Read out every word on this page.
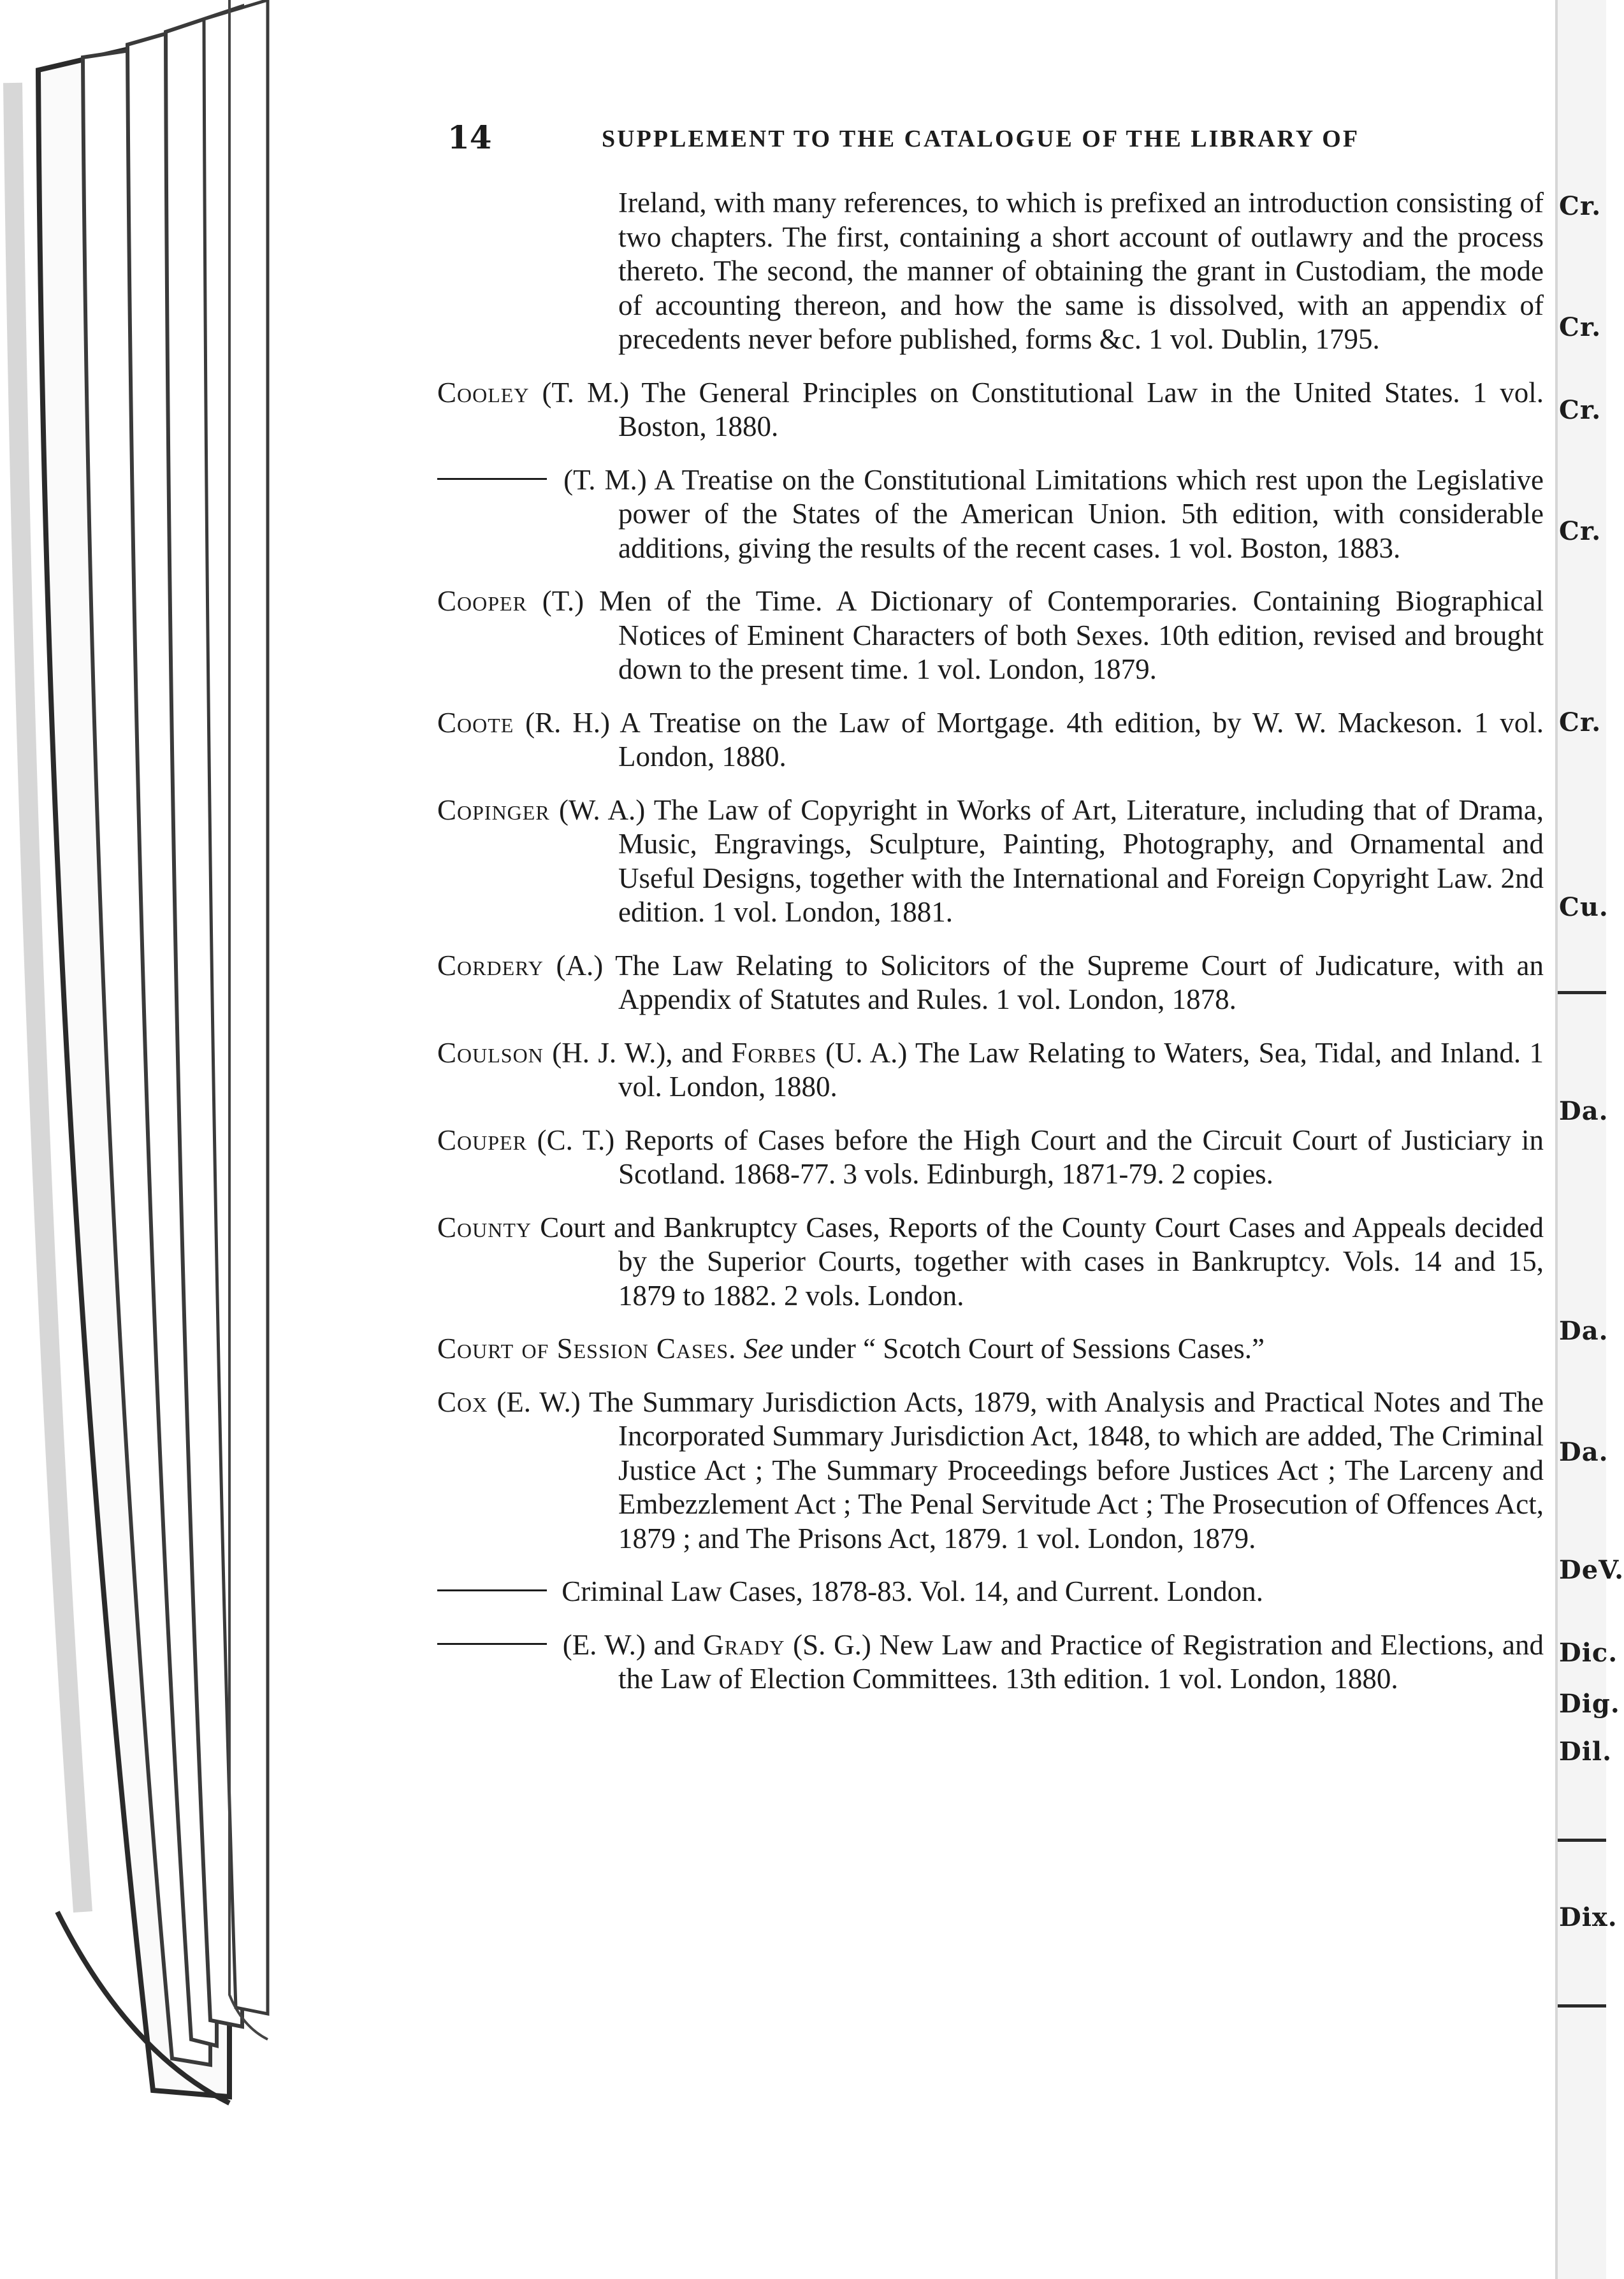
14	SUPPLEMENT TO THE CATALOGUE OF THE LIBRARY OF
Ireland, with many references, to which is prefixed an introduction consisting of two chapters. The first, containing a short account of outlawry and the process thereto. The second, the manner of obtaining the grant in Custodiam, the mode of accounting thereon, and how the same is dissolved, with an appendix of precedents never before published, forms &c. 1 vol. Dublin, 1795.
Cooley (T. M.) The General Principles on Constitutional Law in the United States. 1 vol. Boston, 1880.
(T. M.) A Treatise on the Constitutional Limitations which rest upon the Legislative power of the States of the American Union. 5th edition, with considerable additions, giving the results of the recent cases. 1 vol. Boston, 1883.
Cooper (T.) Men of the Time. A Dictionary of Contemporaries. Containing Biographical Notices of Eminent Characters of both Sexes. 10th edition, revised and brought down to the present time. 1 vol. London, 1879.
Coote (R. H.) A Treatise on the Law of Mortgage. 4th edition, by W. W. Mackeson. 1 vol. London, 1880.
Copinger (W. A.) The Law of Copyright in Works of Art, Literature, including that of Drama, Music, Engravings, Sculpture, Painting, Photography, and Ornamental and Useful Designs, together with the International and Foreign Copyright Law. 2nd edition. 1 vol. London, 1881.
Cordery (A.) The Law Relating to Solicitors of the Supreme Court of Judicature, with an Appendix of Statutes and Rules. 1 vol. London, 1878.
Coulson (H. J. W.), and Forbes (U. A.) The Law Relating to Waters, Sea, Tidal, and Inland. 1 vol. London, 1880.
Couper (C. T.) Reports of Cases before the High Court and the Circuit Court of Justiciary in Scotland. 1868-77. 3 vols. Edinburgh, 1871-79. 2 copies.
County Court and Bankruptcy Cases, Reports of the County Court Cases and Appeals decided by the Superior Courts, together with cases in Bankruptcy. Vols. 14 and 15, 1879 to 1882. 2 vols. London.
Court of Session Cases. See under “ Scotch Court of Sessions Cases.”
Cox (E. W.) The Summary Jurisdiction Acts, 1879, with Analysis and Practical Notes and The Incorporated Summary Jurisdiction Act, 1848, to which are added, The Criminal Justice Act ; The Summary Proceedings before Justices Act ; The Larceny and Embezzlement Act ; The Penal Servitude Act ; The Prosecution of Offences Act, 1879 ; and The Prisons Act, 1879. 1 vol. London, 1879.
Criminal Law Cases, 1878-83. Vol. 14, and Current. London.
(E. W.) and Grady (S. G.) New Law and Practice of Registration and Elections, and the Law of Election Committees. 13th edition. 1 vol. London, 1880.
Cr.
Cr.
Cr.
Cr.
Cr.
Cu.
Da.
Da.
Da.
DeV.
Dic.
Dig.
Dil.
Dix.
